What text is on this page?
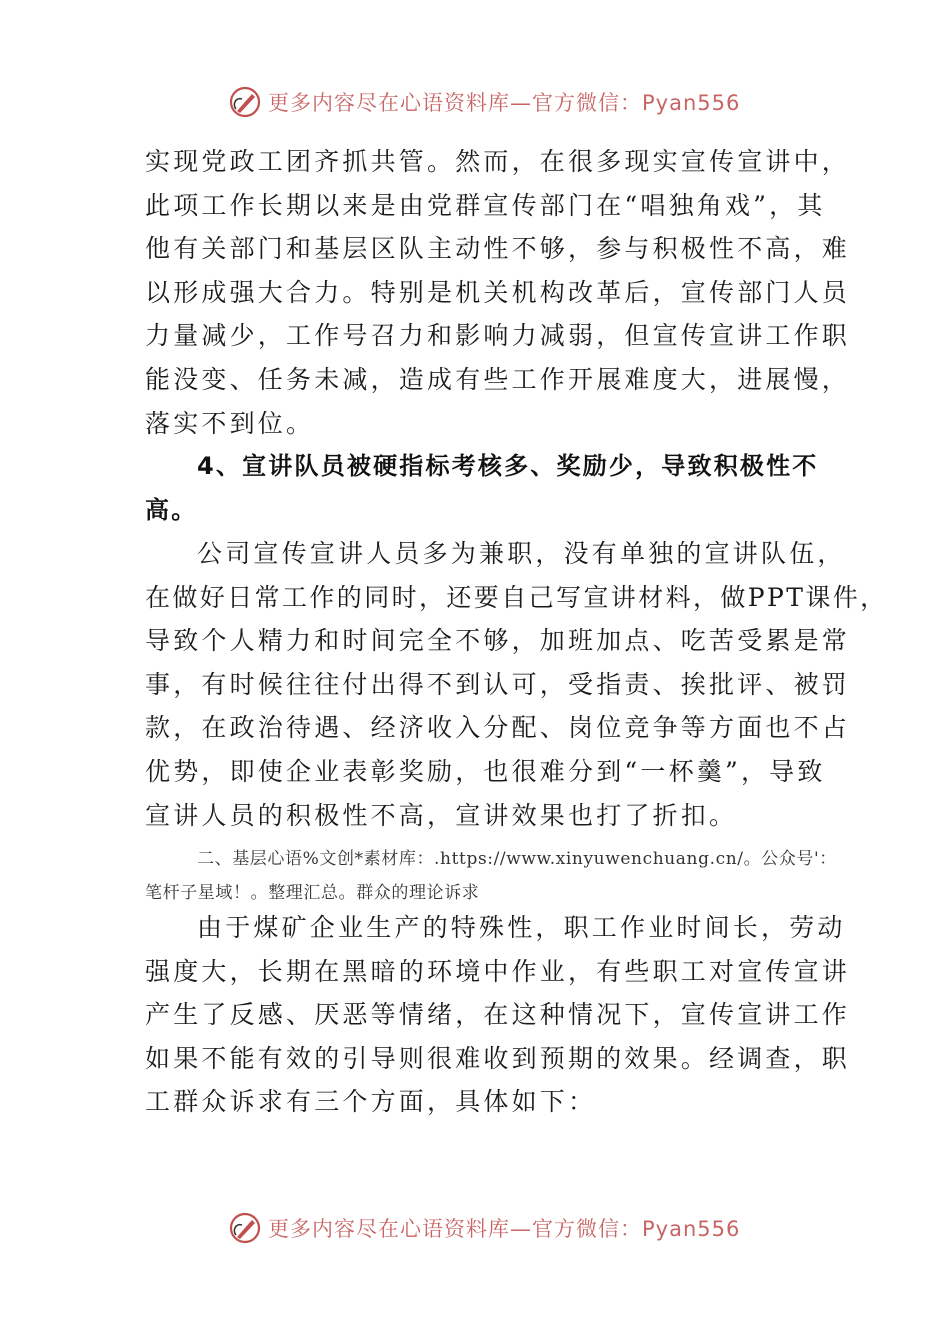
更多内容尽在心语资料库—官方微信：Pyan556
实现党政工团齐抓共管。然而，在很多现实宣传宣讲中，
此项工作长期以来是由党群宣传部门在“唱独角戏”，其
他有关部门和基层区队主动性不够，参与积极性不高，难
以形成强大合力。特别是机关机构改革后，宣传部门人员
力量减少，工作号召力和影响力减弱，但宣传宣讲工作职
能没变、任务未减，造成有些工作开展难度大，进展慢，
落实不到位。
4、宣讲队员被硬指标考核多、奖励少，导致积极性不
高。
公司宣传宣讲人员多为兼职，没有单独的宣讲队伍，
在做好日常工作的同时，还要自己写宣讲材料，做PPT课件，
导致个人精力和时间完全不够，加班加点、吃苦受累是常
事，有时候往往付出得不到认可，受指责、挨批评、被罚
款，在政治待遇、经济收入分配、岗位竞争等方面也不占
优势，即使企业表彰奖励，也很难分到“一杯羹”，导致
宣讲人员的积极性不高，宣讲效果也打了折扣。
二、基层心语%文创*素材库：.https://www.xinyuwenchuang.cn/。公众号'：
笔杆子星域！。整理汇总。群众的理论诉求
由于煤矿企业生产的特殊性，职工作业时间长，劳动
强度大，长期在黑暗的环境中作业，有些职工对宣传宣讲
产生了反感、厌恶等情绪，在这种情况下，宣传宣讲工作
如果不能有效的引导则很难收到预期的效果。经调查，职
工群众诉求有三个方面，具体如下：
更多内容尽在心语资料库—官方微信：Pyan556
